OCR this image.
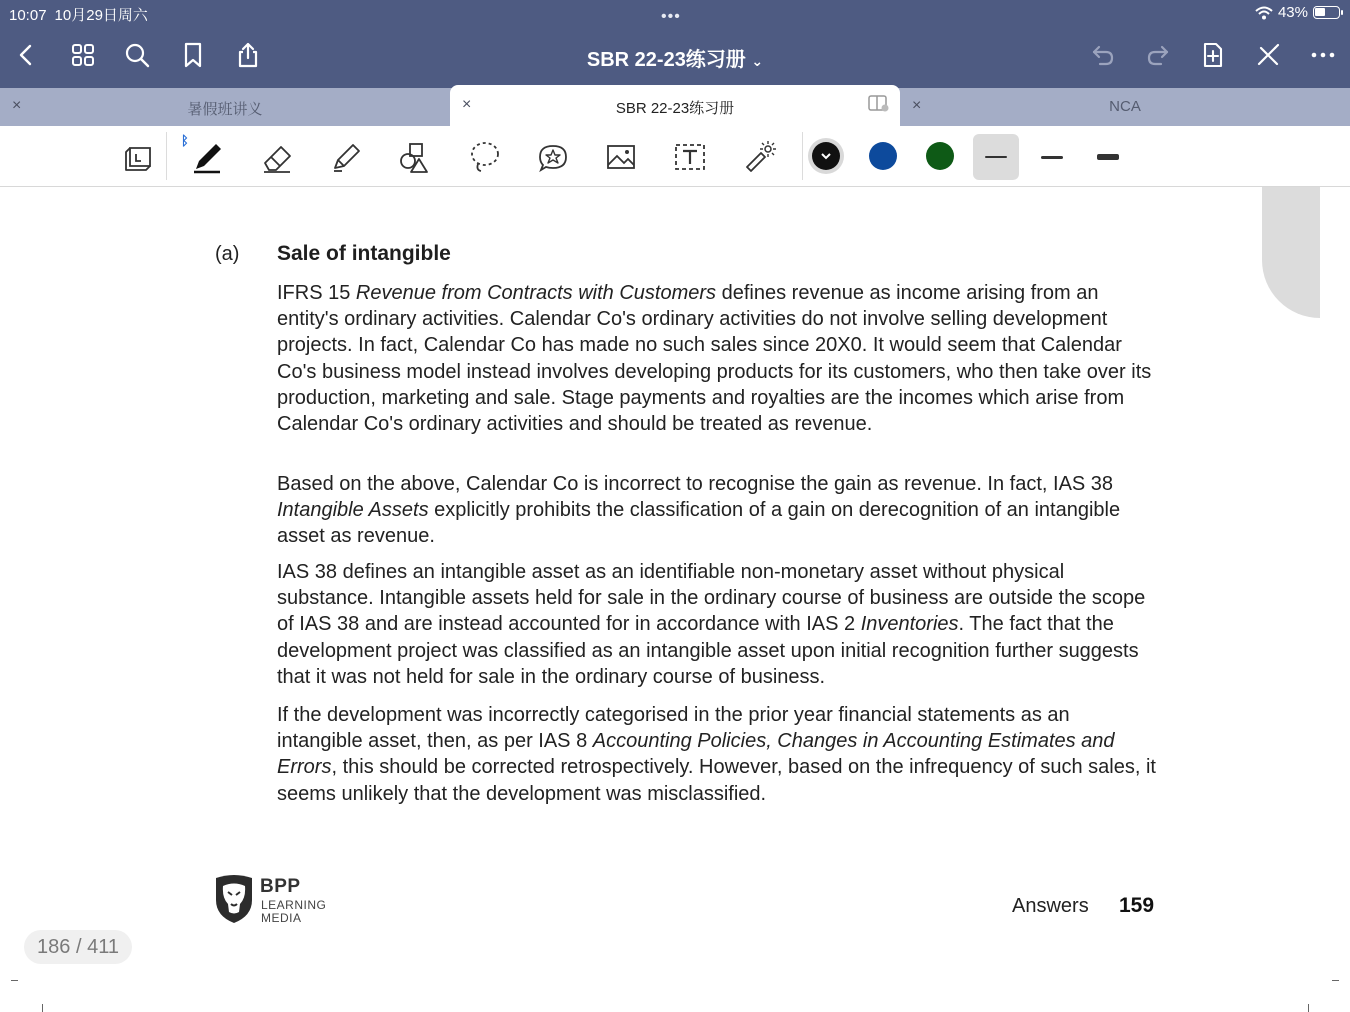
10:07 10月29日周六	•••	43%
SBR 22-23练习册 ⌄
×	暑假班讲义	×	NCA
×	SBR 22-23练习册
ᛒ
(a) Sale of intangible
IFRS 15 Revenue from Contracts with Customers defines revenue as income arising from an entity's ordinary activities. Calendar Co's ordinary activities do not involve selling development projects. In fact, Calendar Co has made no such sales since 20X0. It would seem that Calendar Co's business model instead involves developing products for its customers, who then take over its production, marketing and sale. Stage payments and royalties are the incomes which arise from Calendar Co's ordinary activities and should be treated as revenue.
Based on the above, Calendar Co is incorrect to recognise the gain as revenue. In fact, IAS 38 Intangible Assets explicitly prohibits the classification of a gain on derecognition of an intangible asset as revenue.
IAS 38 defines an intangible asset as an identifiable non-monetary asset without physical substance. Intangible assets held for sale in the ordinary course of business are outside the scope of IAS 38 and are instead accounted for in accordance with IAS 2 Inventories. The fact that the development project was classified as an intangible asset upon initial recognition further suggests that it was not held for sale in the ordinary course of business.
If the development was incorrectly categorised in the prior year financial statements as an intangible asset, then, as per IAS 8 Accounting Policies, Changes in Accounting Estimates and Errors, this should be corrected retrospectively. However, based on the infrequency of such sales, it seems unlikely that the development was misclassified.
BPP
LEARNING
MEDIA
Answers 159
186 / 411
